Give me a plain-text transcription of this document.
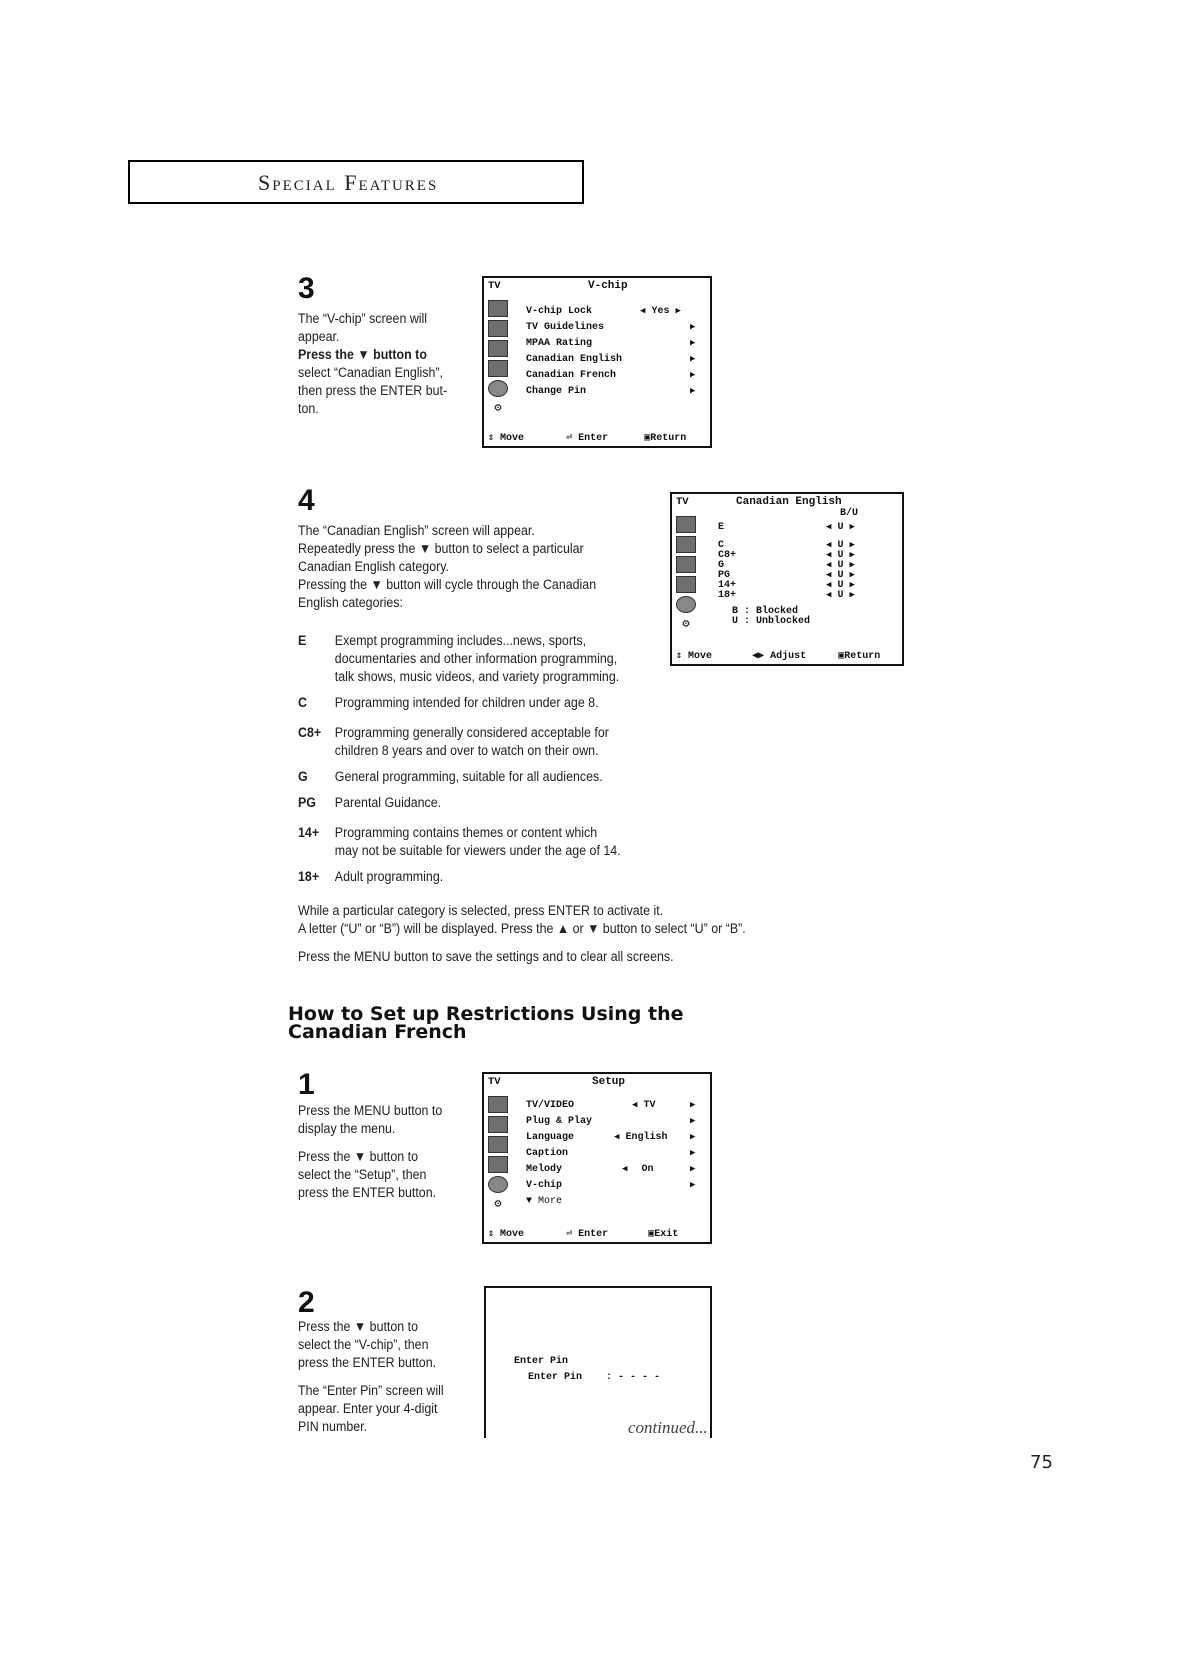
Special Features
3
The “V-chip” screen will
appear.
Press the ▼ button to
select “Canadian English”,
then press the ENTER but-
ton.
TV	V-chip
⚙
V-chip Lock
◀	Yes ▶
TV Guidelines
MPAA Rating
Canadian English
Canadian French
Change Pin
▶
▶
▶
▶
▶
⇕ Move	⏎ Enter	▣Return
4
The “Canadian English” screen will appear.
Repeatedly press the ▼ button to select a particular
Canadian English category.
Pressing the ▼ button will cycle through the Canadian
English categories:
E Exempt programming includes...news, sports,
documentaries and other information programming,
talk shows, music videos, and variety programming.
C Programming intended for children under age 8.
C8+ Programming generally considered acceptable for
children 8 years and over to watch on their own.
G General programming, suitable for all audiences.
PG Parental Guidance.
14+ Programming contains themes or content which
may not be suitable for viewers under the age of 14.
18+ Adult programming.
While a particular category is selected, press ENTER to activate it.
A letter (“U” or “B”) will be displayed. Press the ▲ or ▼ button to select “U” or “B”.
Press the MENU button to save the settings and to clear all screens.
TV	Canadian English
B/U
⚙
E
C
C8+
G
PG
14+
18+
◀ U ▶
◀ U ▶
◀ U ▶
◀ U ▶
◀ U ▶
◀ U ▶
◀ U ▶
B : Blocked
U : Unblocked
⇕ Move	◀▶ Adjust	▣Return
How to Set up Restrictions Using the
Canadian French
1
Press the MENU button to
display the menu.
Press the ▼ button to
select the “Setup”, then
press the ENTER button.
TV	Setup
⚙
TV/VIDEO
Plug & Play
Language
Caption
Melody
V-chip
▼ More
◀ TV
◀ English
◀ On
▶
▶
▶
▶
▶
▶
⇕ Move	⏎ Enter	▣Exit
2
Press the ▼ button to
select the “V-chip”, then
press the ENTER button.
The “Enter Pin” screen will
appear. Enter your 4-digit
PIN number.
Enter Pin
Enter Pin : - - - -
continued...
75
